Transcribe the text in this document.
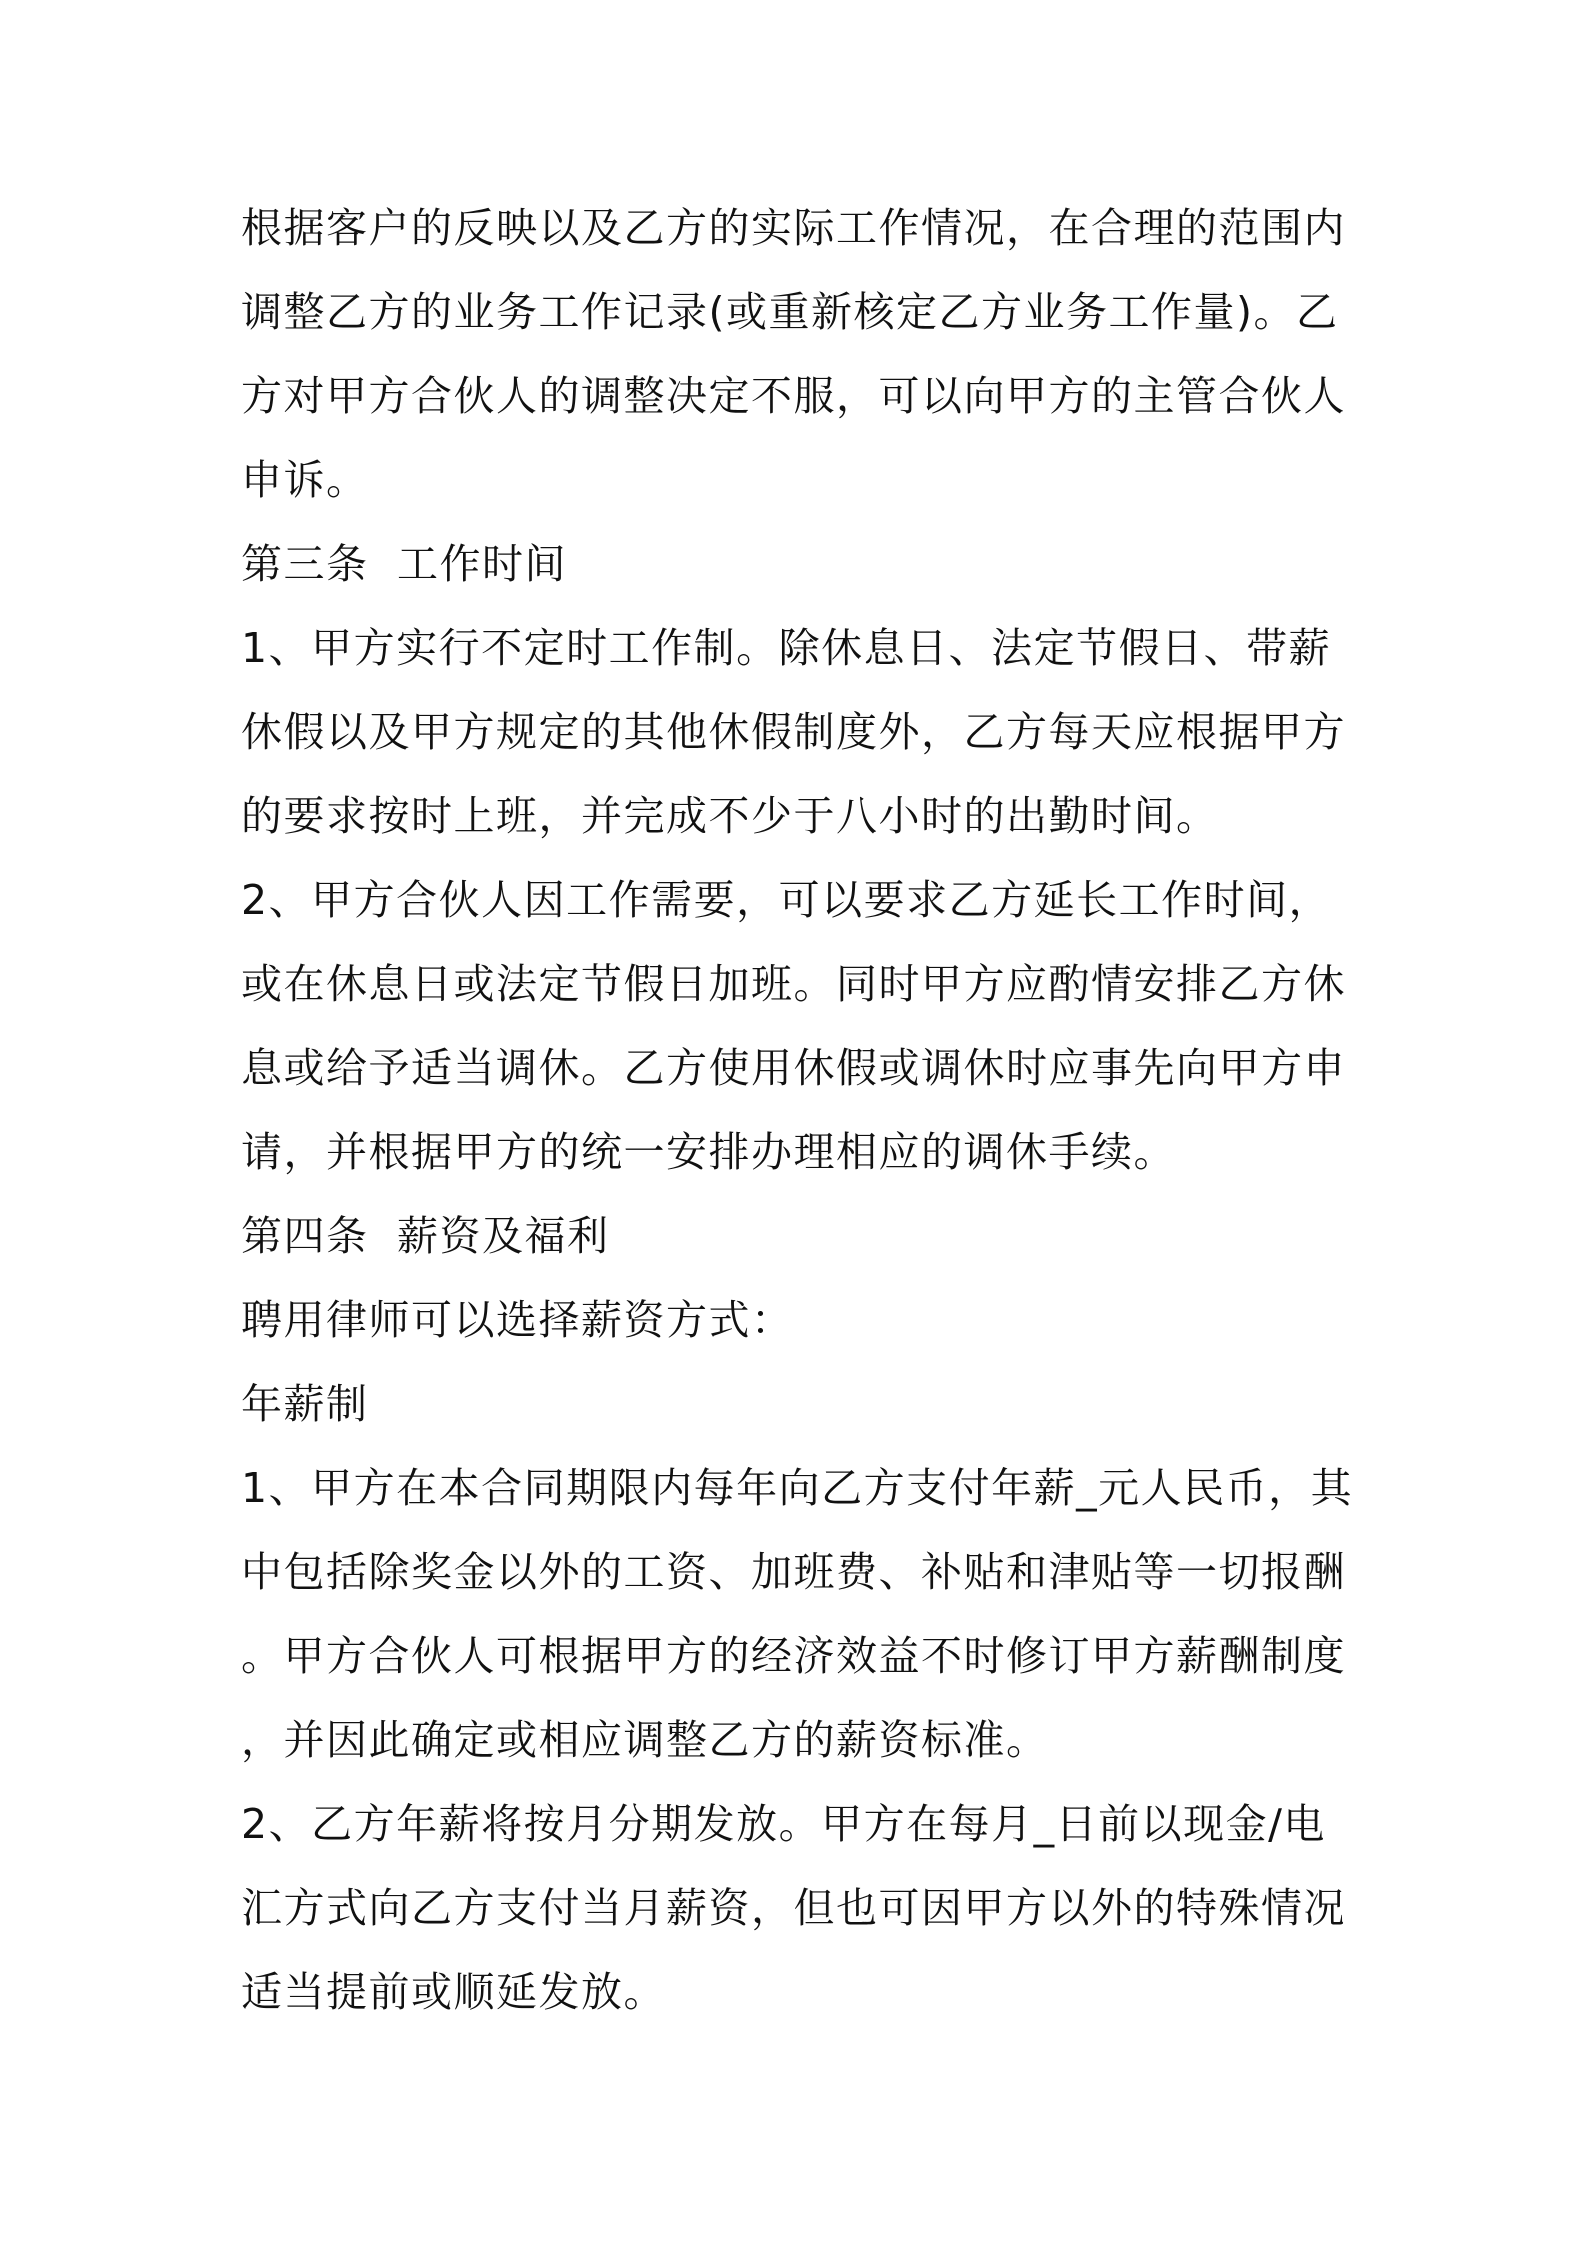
根据客户的反映以及乙方的实际工作情况，在合理的范围内
调整乙方的业务工作记录(或重新核定乙方业务工作量)。乙
方对甲方合伙人的调整决定不服，可以向甲方的主管合伙人
申诉。
第三条 工作时间
1、甲方实行不定时工作制。除休息日、法定节假日、带薪
休假以及甲方规定的其他休假制度外，乙方每天应根据甲方
的要求按时上班，并完成不少于八小时的出勤时间。
2、甲方合伙人因工作需要，可以要求乙方延长工作时间，
或在休息日或法定节假日加班。同时甲方应酌情安排乙方休
息或给予适当调休。乙方使用休假或调休时应事先向甲方申
请，并根据甲方的统一安排办理相应的调休手续。
第四条 薪资及福利
聘用律师可以选择薪资方式：
年薪制
1、甲方在本合同期限内每年向乙方支付年薪_元人民币，其
中包括除奖金以外的工资、加班费、补贴和津贴等一切报酬
。甲方合伙人可根据甲方的经济效益不时修订甲方薪酬制度
，并因此确定或相应调整乙方的薪资标准。
2、乙方年薪将按月分期发放。甲方在每月_日前以现金/电
汇方式向乙方支付当月薪资，但也可因甲方以外的特殊情况
适当提前或顺延发放。
